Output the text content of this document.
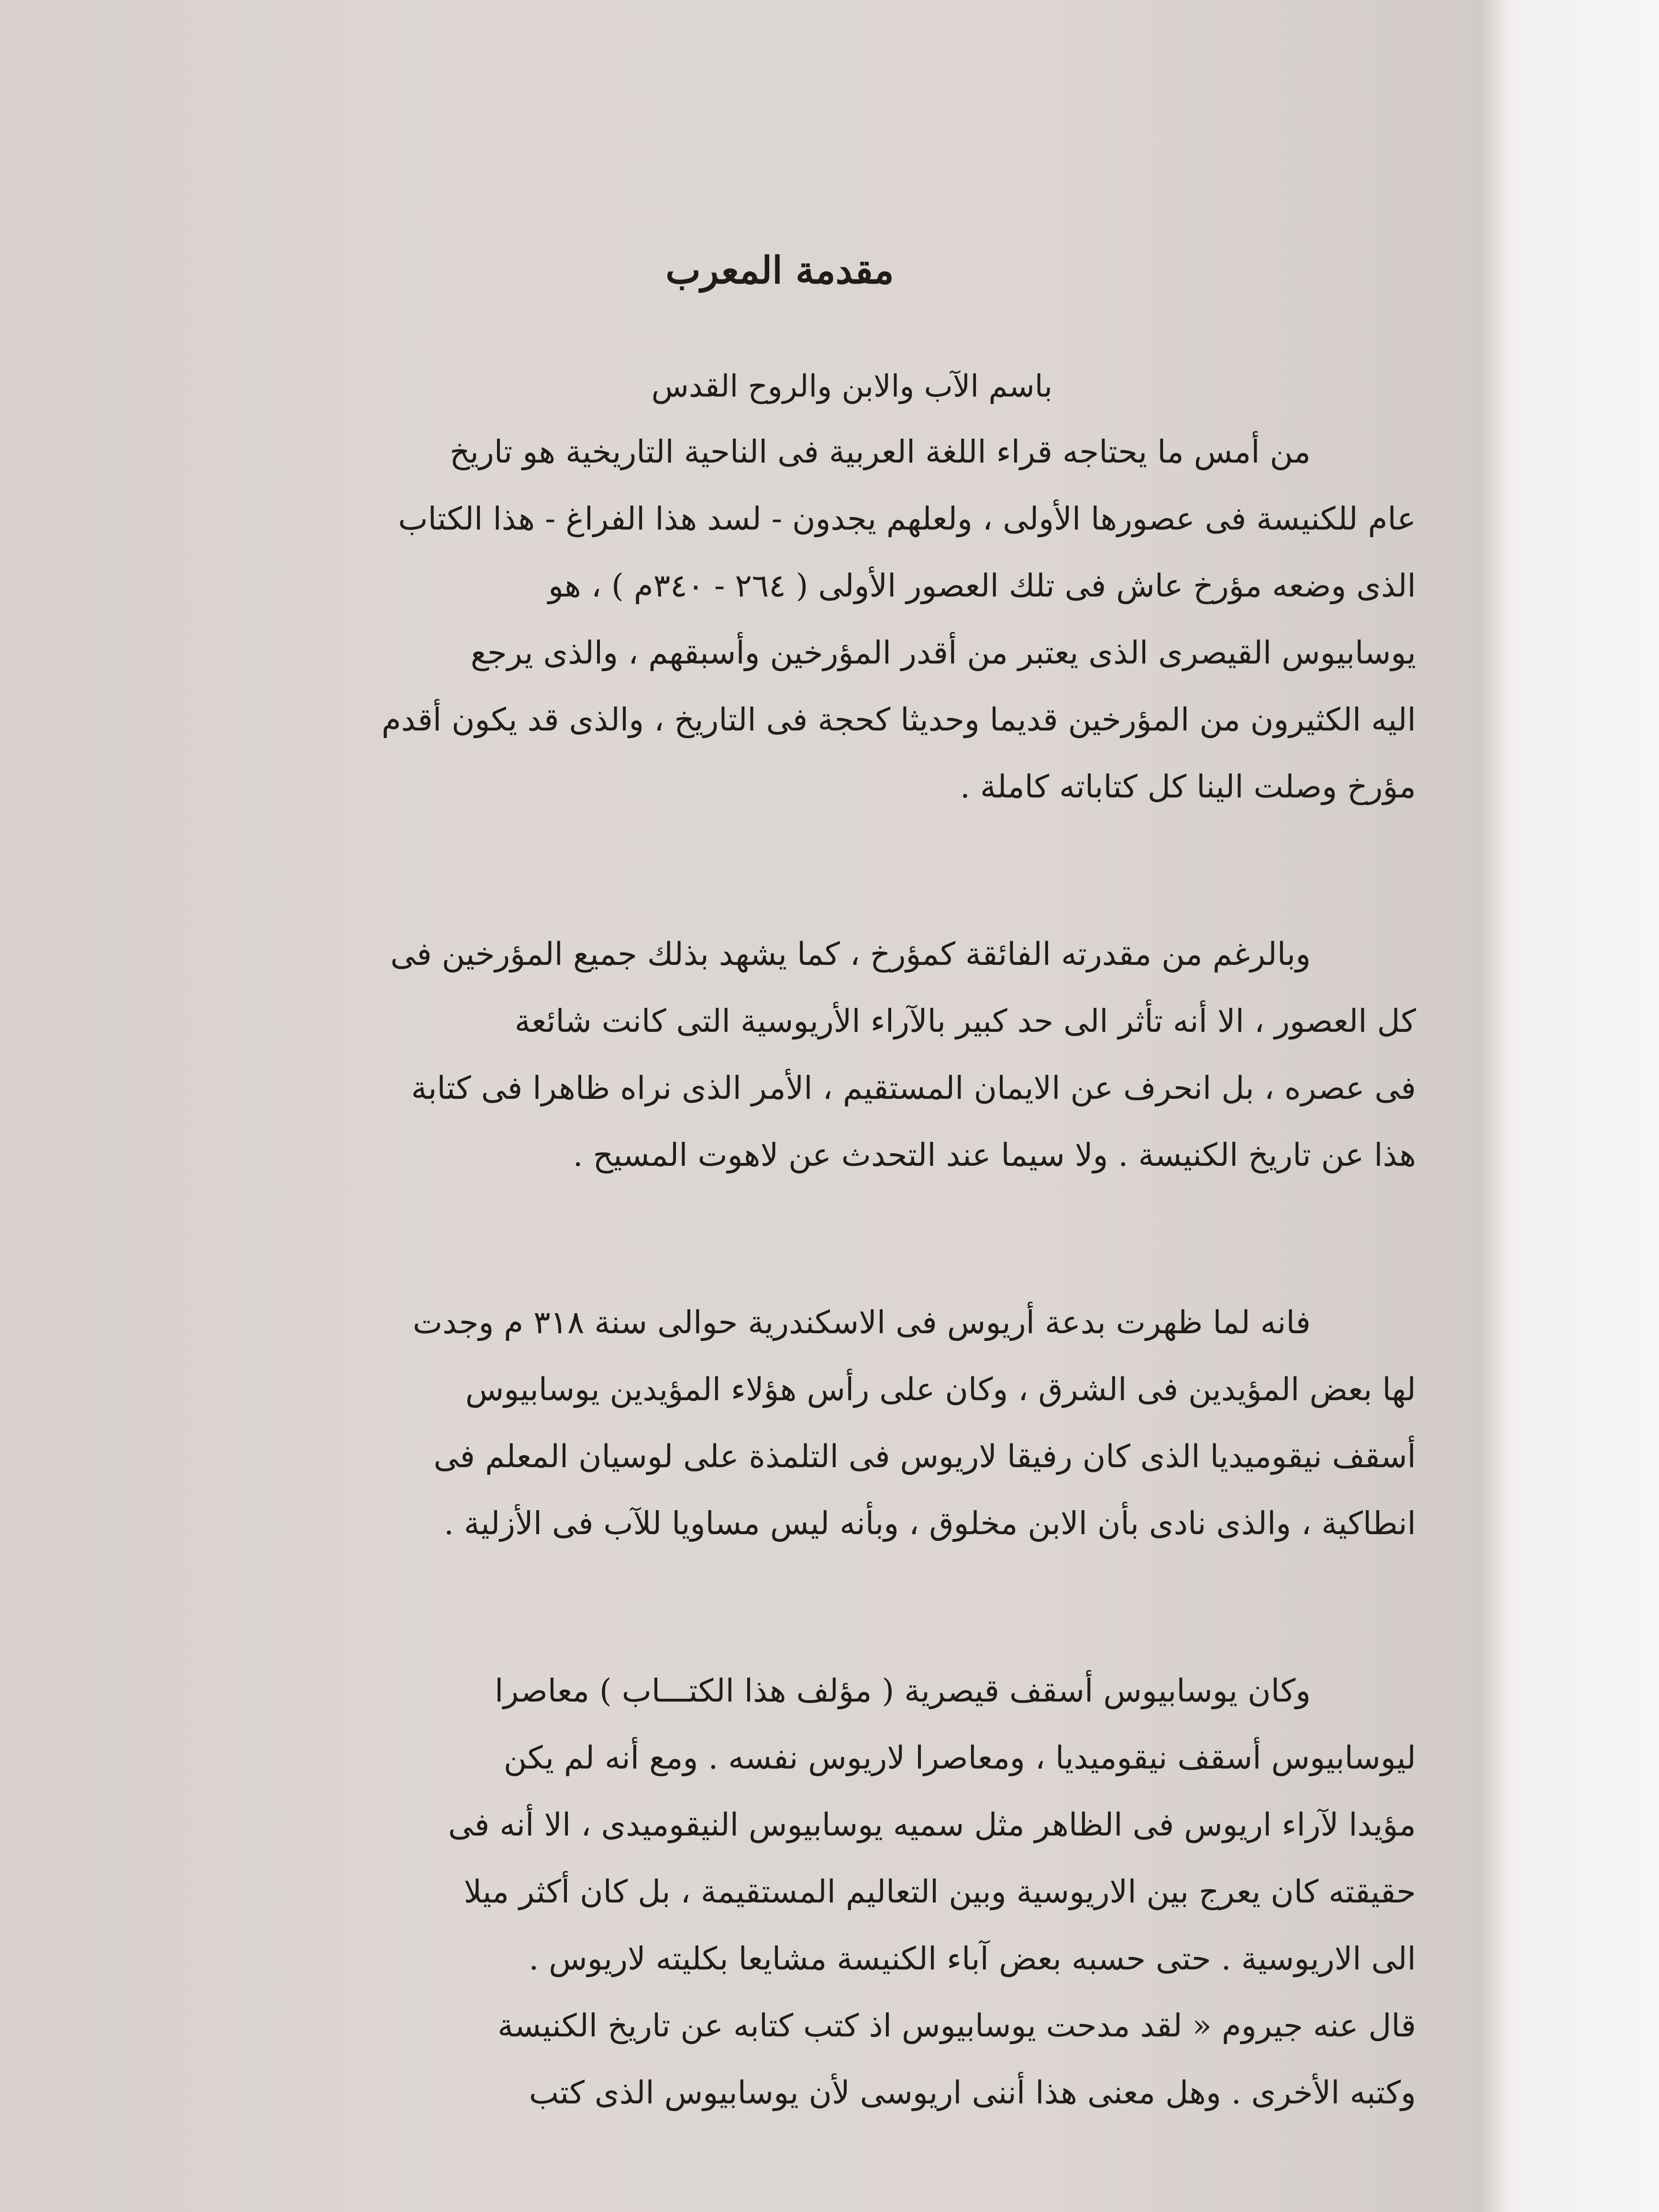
مقدمة المعرب
باسم الآب والابن والروح القدس
من أمس ما يحتاجه قراء اللغة العربية فى الناحية التاريخية هو تاريخ
عام للكنيسة فى عصورها الأولى ، ولعلهم يجدون - لسد هذا الفراغ - هذا الكتاب
الذى وضعه مؤرخ عاش فى تلك العصور الأولى ( ٢٦٤ - ٣٤٠م ) ، هو
يوسابيوس القيصرى الذى يعتبر من أقدر المؤرخين وأسبقهم ، والذى يرجع
اليه الكثيرون من المؤرخين قديما وحديثا كحجة فى التاريخ ، والذى قد يكون أقدم
مؤرخ وصلت الينا كل كتاباته كاملة .
وبالرغم من مقدرته الفائقة كمؤرخ ، كما يشهد بذلك جميع المؤرخين فى
كل العصور ، الا أنه تأثر الى حد كبير بالآراء الأريوسية التى كانت شائعة
فى عصره ، بل انحرف عن الايمان المستقيم ، الأمر الذى نراه ظاهرا فى كتابة
هذا عن تاريخ الكنيسة . ولا سيما عند التحدث عن لاهوت المسيح .
فانه لما ظهرت بدعة أريوس فى الاسكندرية حوالى سنة ٣١٨ م وجدت
لها بعض المؤيدين فى الشرق ، وكان على رأس هؤلاء المؤيدين يوسابيوس
أسقف نيقوميديا الذى كان رفيقا لاريوس فى التلمذة على لوسيان المعلم فى
انطاكية ، والذى نادى بأن الابن مخلوق ، وبأنه ليس مساويا للآب فى الأزلية .
وكان يوسابيوس أسقف قيصرية ( مؤلف هذا الكتـــاب ) معاصرا
ليوسابيوس أسقف نيقوميديا ، ومعاصرا لاريوس نفسه . ومع أنه لم يكن
مؤيدا لآراء اريوس فى الظاهر مثل سميه يوسابيوس النيقوميدى ، الا أنه فى
حقيقته كان يعرج بين الاريوسية وبين التعاليم المستقيمة ، بل كان أكثر ميلا
الى الاريوسية . حتى حسبه بعض آباء الكنيسة مشايعا بكليته لاريوس .
قال عنه جيروم « لقد مدحت يوسابيوس اذ كتب كتابه عن تاريخ الكنيسة
وكتبه الأخرى . وهل معنى هذا أننى اريوسى لأن يوسابيوس الذى كتب
